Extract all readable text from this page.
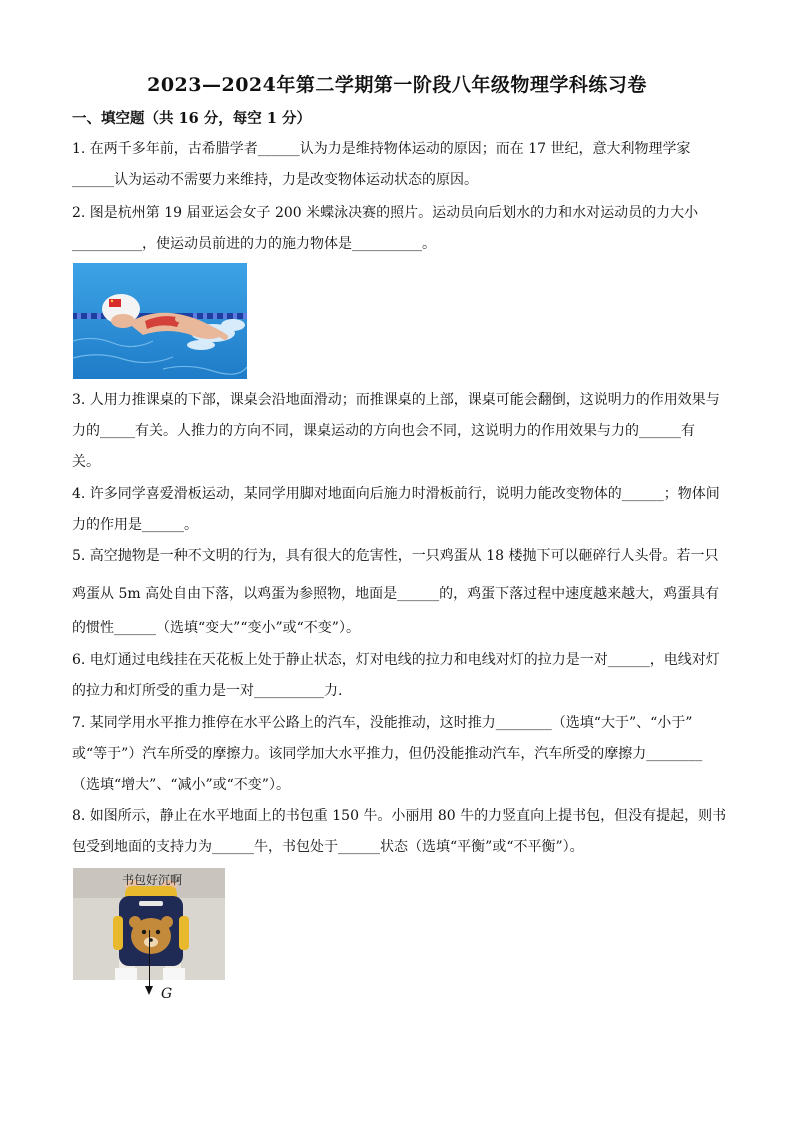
2023—2024年第二学期第一阶段八年级物理学科练习卷
一、填空题（共 16 分，每空 1 分）
1. 在两千多年前，古希腊学者______认为力是维持物体运动的原因；而在 17 世纪，意大利物理学家
______认为运动不需要力来维持，力是改变物体运动状态的原因。
2. 图是杭州第 19 届亚运会女子 200 米蝶泳决赛的照片。运动员向后划水的力和水对运动员的力大小
__________，使运动员前进的力的施力物体是__________。
3. 人用力推课桌的下部，课桌会沿地面滑动；而推课桌的上部，课桌可能会翻倒，这说明力的作用效果与
力的_____有关。人推力的方向不同，课桌运动的方向也会不同，这说明力的作用效果与力的______有
关。
4. 许多同学喜爱滑板运动，某同学用脚对地面向后施力时滑板前行，说明力能改变物体的______；物体间
力的作用是______。
5. 高空抛物是一种不文明的行为，具有很大的危害性，一只鸡蛋从 18 楼抛下可以砸碎行人头骨。若一只
鸡蛋从 5m 高处自由下落，以鸡蛋为参照物，地面是______的，鸡蛋下落过程中速度越来越大，鸡蛋具有
的惯性______（选填“变大”“变小”或“不变”）。
6. 电灯通过电线挂在天花板上处于静止状态，灯对电线的拉力和电线对灯的拉力是一对______，电线对灯
的拉力和灯所受的重力是一对__________力.
7. 某同学用水平推力推停在水平公路上的汽车，没能推动，这时推力________（选填“大于”、“小于”
或“等于”）汽车所受的摩擦力。该同学加大水平推力，但仍没能推动汽车，汽车所受的摩擦力________
（选填“增大”、“减小”或“不变”）。
8. 如图所示，静止在水平地面上的书包重 150 牛。小丽用 80 牛的力竖直向上提书包，但没有提起，则书
包受到地面的支持力为______牛，书包处于______状态（选填“平衡”或“不平衡”）。
书包好沉啊
G
